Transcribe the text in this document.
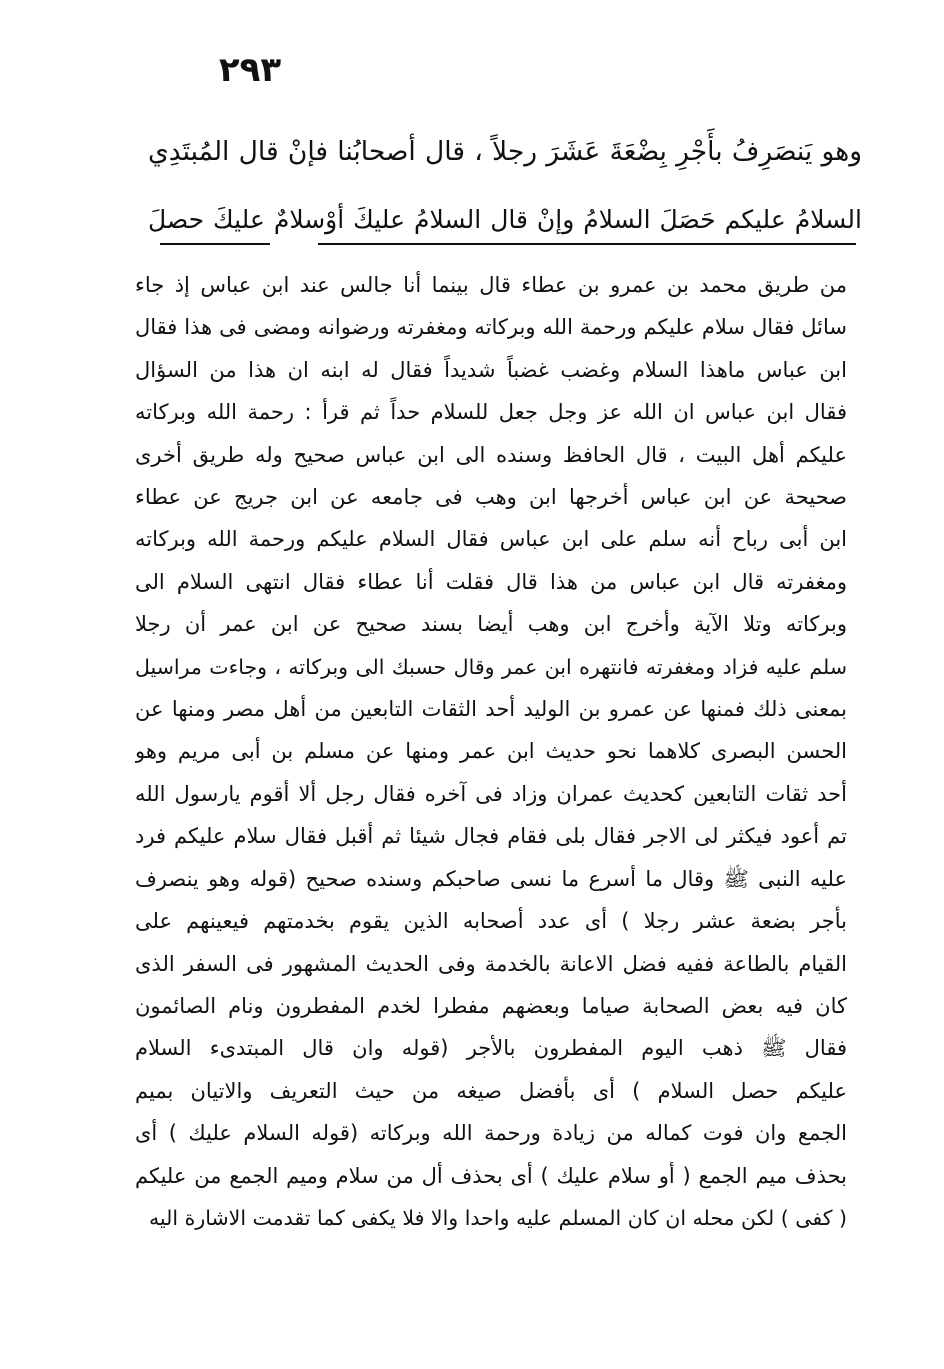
٢٩٣
وهو يَنصَرِفُ بأَجْرِ بِضْعَةَ عَشَرَ رجلاً ، قال أصحابُنا فإنْ قال المُبتَدِي
السلامُ عليكم حَصَلَ السلامُ وإنْ قال السلامُ عليكَ أوْسلامٌ عليكَ حصلَ
من طريق محمد بن عمرو بن عطاء قال بينما أنا جالس عند ابن عباس إذ جاء
سائل فقال سلام عليكم ورحمة الله وبركاته ومغفرته ورضوانه ومضى فى هذا فقال
ابن عباس ماهذا السلام وغضب غضباً شديداً فقال له ابنه ان هذا من السؤال
فقال ابن عباس ان الله عز وجل جعل للسلام حداً ثم قرأ : رحمة الله وبركاته
عليكم أهل البيت ، قال الحافظ وسنده الى ابن عباس صحيح وله طريق أخرى
صحيحة عن ابن عباس أخرجها ابن وهب فى جامعه عن ابن جريج عن عطاء
ابن أبى رباح أنه سلم على ابن عباس فقال السلام عليكم ورحمة الله وبركاته
ومغفرته قال ابن عباس من هذا قال فقلت أنا عطاء فقال انتهى السلام الى
وبركاته وتلا الآية وأخرج ابن وهب أيضا بسند صحيح عن ابن عمر أن رجلا
سلم عليه فزاد ومغفرته فانتهره ابن عمر وقال حسبك الى وبركاته ، وجاءت مراسيل
بمعنى ذلك فمنها عن عمرو بن الوليد أحد الثقات التابعين من أهل مصر ومنها عن
الحسن البصرى كلاهما نحو حديث ابن عمر ومنها عن مسلم بن أبى مريم وهو
أحد ثقات التابعين كحديث عمران وزاد فى آخره فقال رجل ألا أقوم يارسول الله
تم أعود فيكثر لى الاجر فقال بلى فقام فجال شيئا ثم أقبل فقال سلام عليكم فرد
عليه النبى ﷺ وقال ما أسرع ما نسى صاحبكم وسنده صحيح (قوله وهو ينصرف
بأجر بضعة عشر رجلا ) أى عدد أصحابه الذين يقوم بخدمتهم فيعينهم على
القيام بالطاعة ففيه فضل الاعانة بالخدمة وفى الحديث المشهور فى السفر الذى
كان فيه بعض الصحابة صياما وبعضهم مفطرا لخدم المفطرون ونام الصائمون
فقال ﷺ ذهب اليوم المفطرون بالأجر (قوله وان قال المبتدىء السلام
عليكم حصل السلام ) أى بأفضل صيغه من حيث التعريف والاتيان بميم
الجمع وان فوت كماله من زيادة ورحمة الله وبركاته (قوله السلام عليك ) أى
بحذف ميم الجمع ( أو سلام عليك ) أى بحذف أل من سلام وميم الجمع من عليكم
( كفى ) لكن محله ان كان المسلم عليه واحدا والا فلا يكفى كما تقدمت الاشارة اليه
